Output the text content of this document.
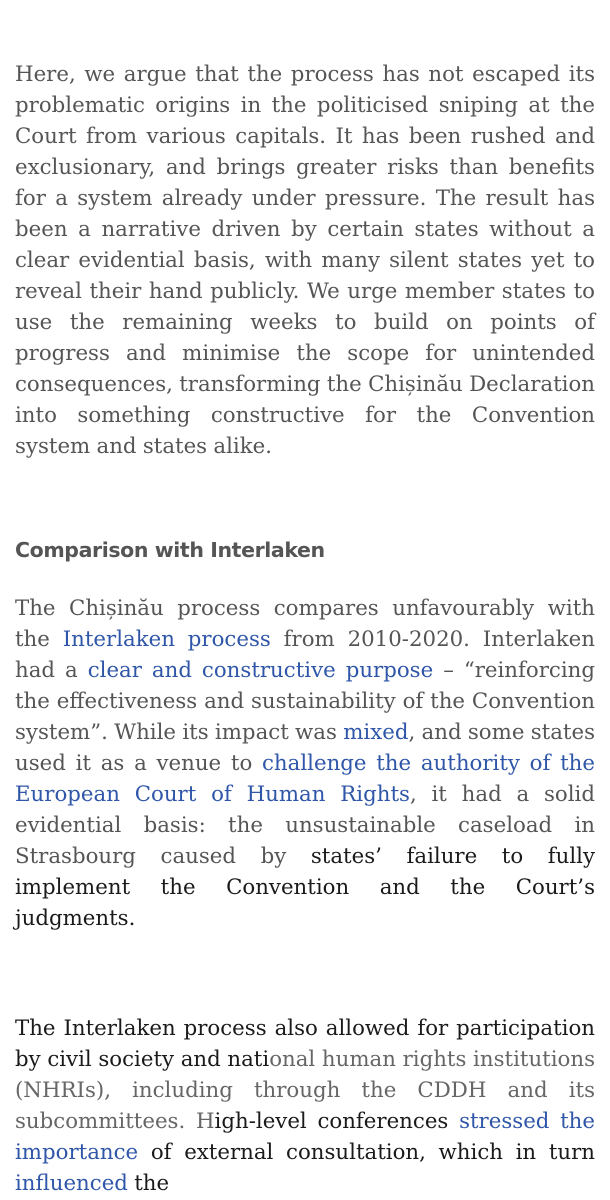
Here, we argue that the process has not escaped its problematic origins in the politicised sniping at the Court from various capitals. It has been rushed and exclusionary, and brings greater risks than benefits for a system already under pressure. The result has been a narrative driven by certain states without a clear evidential basis, with many silent states yet to reveal their hand publicly. We urge member states to use the remaining weeks to build on points of progress and minimise the scope for unintended consequences, transforming the Chișinău Declaration into something constructive for the Convention system and states alike.

Comparison with Interlaken

The Chișinău process compares unfavourably with the Interlaken process from 2010-2020. Interlaken had a clear and constructive purpose – “reinforcing the effectiveness and sustainability of the Convention system”. While its impact was mixed, and some states used it as a venue to challenge the authority of the European Court of Human Rights, it had a solid evidential basis: the unsustainable caseload in Strasbourg caused by states’ failure to fully implement the Convention and the Court’s judgments.

The Interlaken process also allowed for participation by civil society and national human rights institutions (NHRIs), including through the CDDH and its subcommittees. High-level conferences stressed the importance of external consultation, which in turn influenced the
